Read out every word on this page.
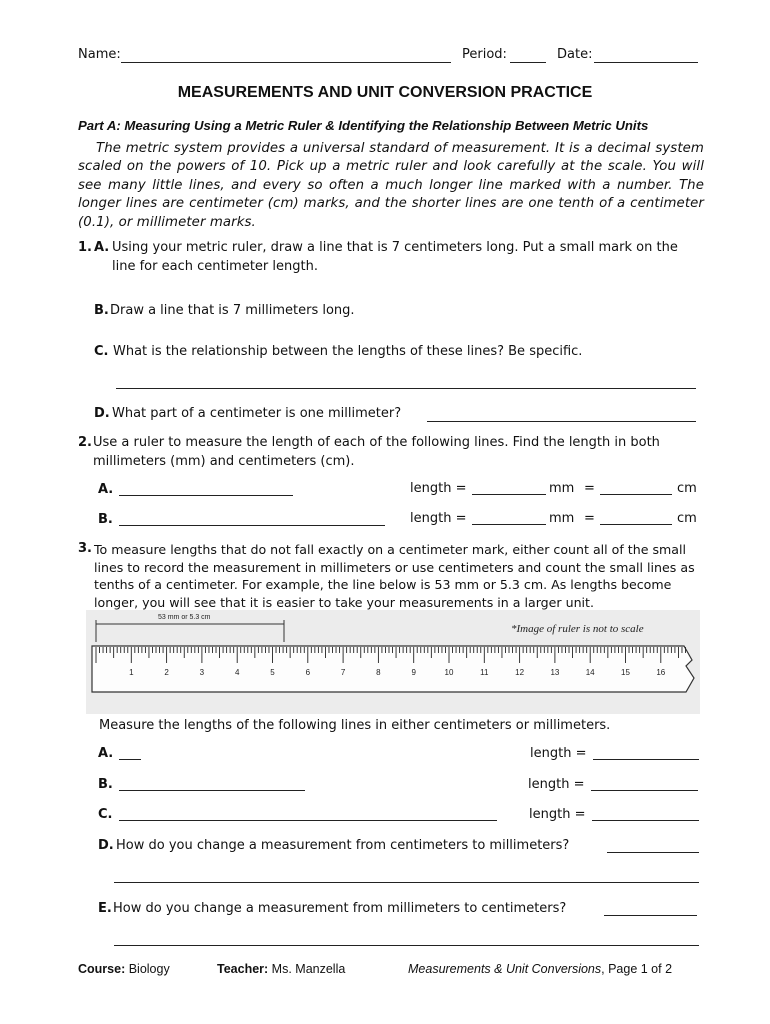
Name:	Period:	Date:
MEASUREMENTS AND UNIT CONVERSION PRACTICE
Part A: Measuring Using a Metric Ruler & Identifying the Relationship Between Metric Units
The metric system provides a universal standard of measurement. It is a decimal system scaled on the powers of 10. Pick up a metric ruler and look carefully at the scale. You will see many little lines, and every so often a much longer line marked with a number. The longer lines are centimeter (cm) marks, and the shorter lines are one tenth of a centimeter (0.1), or millimeter marks.
1. A. Using your metric ruler, draw a line that is 7 centimeters long. Put a small mark on the
line for each centimeter length.
B. Draw a line that is 7 millimeters long.
C. What is the relationship between the lengths of these lines? Be specific.
D. What part of a centimeter is one millimeter?
2. Use a ruler to measure the length of each of the following lines. Find the length in both
millimeters (mm) and centimeters (cm).
A.	length =	mm =	cm
B.	length =	mm =	cm
3. To measure lengths that do not fall exactly on a centimeter mark, either count all of the small lines to record the measurement in millimeters or use centimeters and count the small lines as tenths of a centimeter. For example, the line below is 53 mm or 5.3 cm. As lengths become longer, you will see that it is easier to take your measurements in a larger unit.
53 mm or 5.3 cm
*Image of ruler is not to scale
1	2	3	4	5	6	7	8	9	10	11	12	13	14	15	16
Measure the lengths of the following lines in either centimeters or millimeters.
A.	length =
B.	length =
C.	length =
D. How do you change a measurement from centimeters to millimeters?
E. How do you change a measurement from millimeters to centimeters?
Course: Biology	Teacher: Ms. Manzella	Measurements & Unit Conversions, Page 1 of 2
